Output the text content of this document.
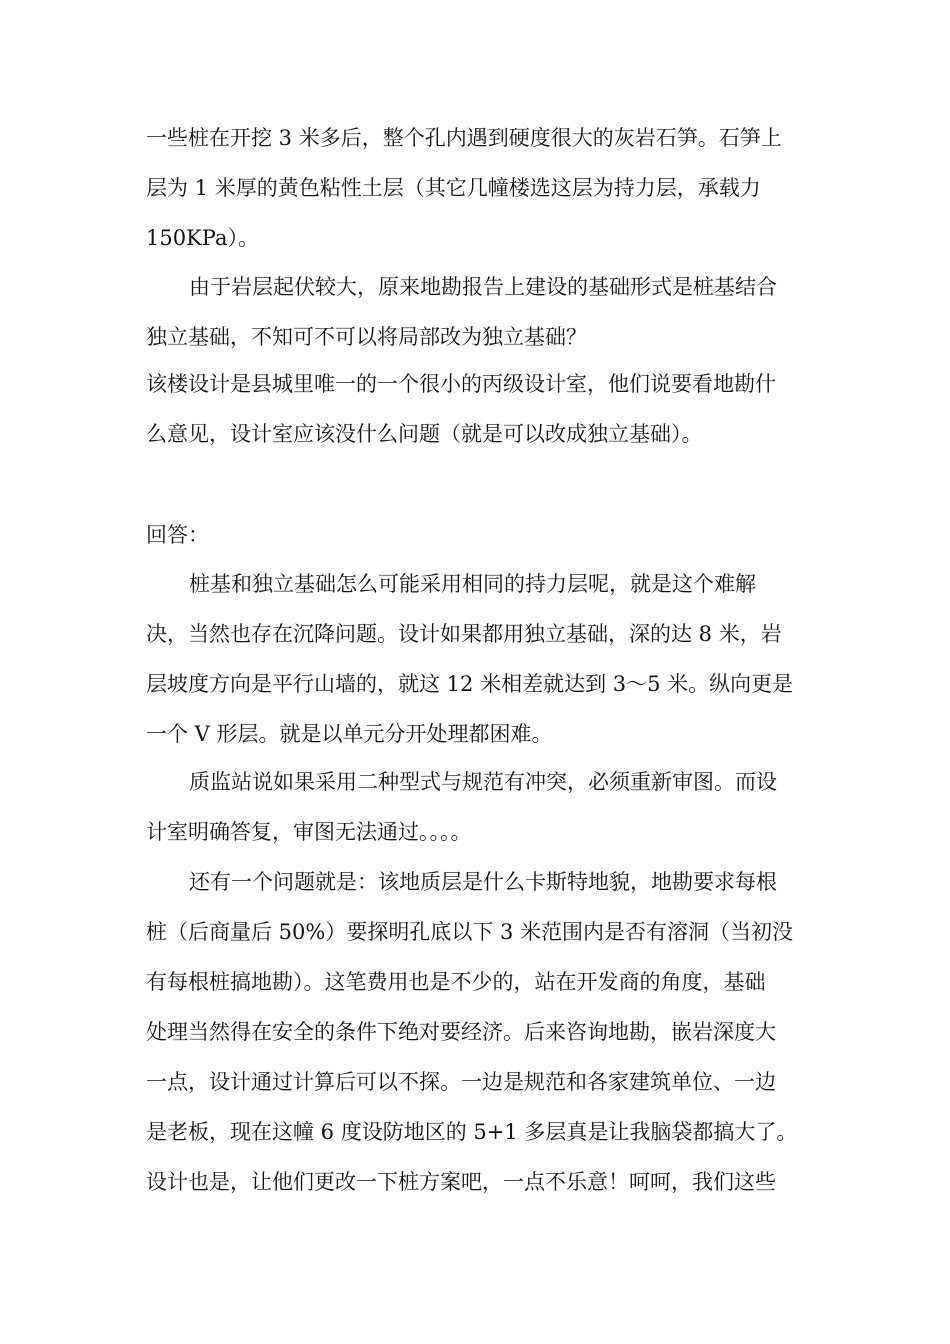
一些桩在开挖 3 米多后，整个孔内遇到硬度很大的灰岩石笋。石笋上
层为 1 米厚的黄色粘性土层（其它几幢楼选这层为持力层，承载力
150KPa）。
由于岩层起伏较大，原来地勘报告上建设的基础形式是桩基结合
独立基础，不知可不可以将局部改为独立基础？
该楼设计是县城里唯一的一个很小的丙级设计室，他们说要看地勘什
么意见，设计室应该没什么问题（就是可以改成独立基础）。
回答：
桩基和独立基础怎么可能采用相同的持力层呢，就是这个难解
决，当然也存在沉降问题。设计如果都用独立基础，深的达 8 米，岩
层坡度方向是平行山墙的，就这 12 米相差就达到 3～5 米。纵向更是
一个 V 形层。就是以单元分开处理都困难。
质监站说如果采用二种型式与规范有冲突，必须重新审图。而设
计室明确答复，审图无法通过。。。。
还有一个问题就是：该地质层是什么卡斯特地貌，地勘要求每根
桩（后商量后 50%）要探明孔底以下 3 米范围内是否有溶洞（当初没
有每根桩搞地勘）。这笔费用也是不少的，站在开发商的角度，基础
处理当然得在安全的条件下绝对要经济。后来咨询地勘，嵌岩深度大
一点，设计通过计算后可以不探。一边是规范和各家建筑单位、一边
是老板，现在这幢 6 度设防地区的 5+1 多层真是让我脑袋都搞大了。
设计也是，让他们更改一下桩方案吧，一点不乐意！呵呵，我们这些
